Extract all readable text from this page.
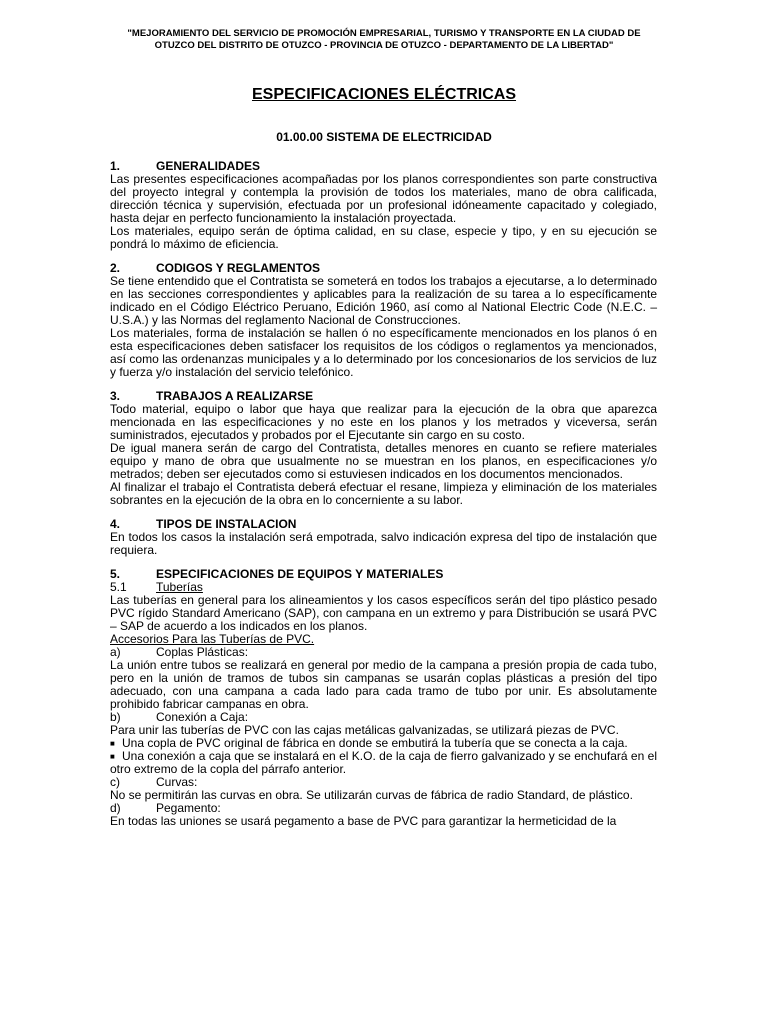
"MEJORAMIENTO DEL SERVICIO DE PROMOCIÓN EMPRESARIAL, TURISMO Y TRANSPORTE EN LA CIUDAD DE
OTUZCO DEL DISTRITO DE OTUZCO - PROVINCIA DE OTUZCO - DEPARTAMENTO DE LA LIBERTAD"
ESPECIFICACIONES ELÉCTRICAS
01.00.00 SISTEMA DE ELECTRICIDAD
1.	GENERALIDADES

Las presentes especificaciones acompañadas por los planos correspondientes son parte constructiva del proyecto integral y contempla la provisión de todos los materiales, mano de obra calificada, dirección técnica y supervisión, efectuada por un profesional idóneamente capacitado y colegiado, hasta dejar en perfecto funcionamiento la instalación proyectada.

Los materiales, equipo serán de óptima calidad, en su clase, especie y tipo, y en su ejecución se pondrá lo máximo de eficiencia.

2.	CODIGOS Y REGLAMENTOS

Se tiene entendido que el Contratista se someterá en todos los trabajos a ejecutarse, a lo determinado en las secciones correspondientes y aplicables para la realización de su tarea a lo específicamente indicado en el Código Eléctrico Peruano, Edición 1960, así como al National Electric Code (N.E.C. – U.S.A.) y las Normas del reglamento Nacional de Construcciones.

Los materiales, forma de instalación se hallen ó no específicamente mencionados en los planos ó en esta especificaciones deben satisfacer los requisitos de los códigos o reglamentos ya mencionados, así como las ordenanzas municipales y a lo determinado por los concesionarios de los servicios de luz y fuerza y/o instalación del servicio telefónico.

3.	TRABAJOS A REALIZARSE

Todo material, equipo o labor que haya que realizar para la ejecución de la obra que aparezca mencionada en las especificaciones y no este en los planos y los metrados y viceversa, serán suministrados, ejecutados y probados por el Ejecutante sin cargo en su costo.

De igual manera serán de cargo del Contratista, detalles menores en cuanto se refiere materiales equipo y mano de obra que usualmente no se muestran en los planos, en especificaciones y/o metrados; deben ser ejecutados como si estuviesen indicados en los documentos mencionados.

Al finalizar el trabajo el Contratista deberá efectuar el resane, limpieza y eliminación de los materiales sobrantes en la ejecución de la obra en lo concerniente a su labor.

4.	TIPOS DE INSTALACION

En todos los casos la instalación será empotrada, salvo indicación expresa del tipo de instalación que requiera.

5.	ESPECIFICACIONES DE EQUIPOS Y MATERIALES
5.1	Tuberías

Las tuberías en general para los alineamientos y los casos específicos serán del tipo plástico pesado PVC rígido Standard Americano (SAP), con campana en un extremo y para Distribución se usará PVC – SAP de acuerdo a los indicados en los planos.

Accesorios Para las Tuberías de PVC.
a)	Coplas Plásticas:

La unión entre tubos se realizará en general por medio de la campana a presión propia de cada tubo, pero en la unión de tramos de tubos sin campanas se usarán coplas plásticas a presión del tipo adecuado, con una campana a cada lado para cada tramo de tubo por unir. Es absolutamente prohibido fabricar campanas en obra.

b)	Conexión a Caja:

Para unir las tuberías de PVC con las cajas metálicas galvanizadas, se utilizará piezas de PVC.

■ Una copla de PVC original de fábrica en donde se embutirá la tubería que se conecta a la caja.
■ Una conexión a caja que se instalará en el K.O. de la caja de fierro galvanizado y se enchufará en el otro extremo de la copla del párrafo anterior.
c)	Curvas:

No se permitirán las curvas en obra. Se utilizarán curvas de fábrica de radio Standard, de plástico.

d)	Pegamento:

En todas las uniones se usará pegamento a base de PVC para garantizar la hermeticidad de la
